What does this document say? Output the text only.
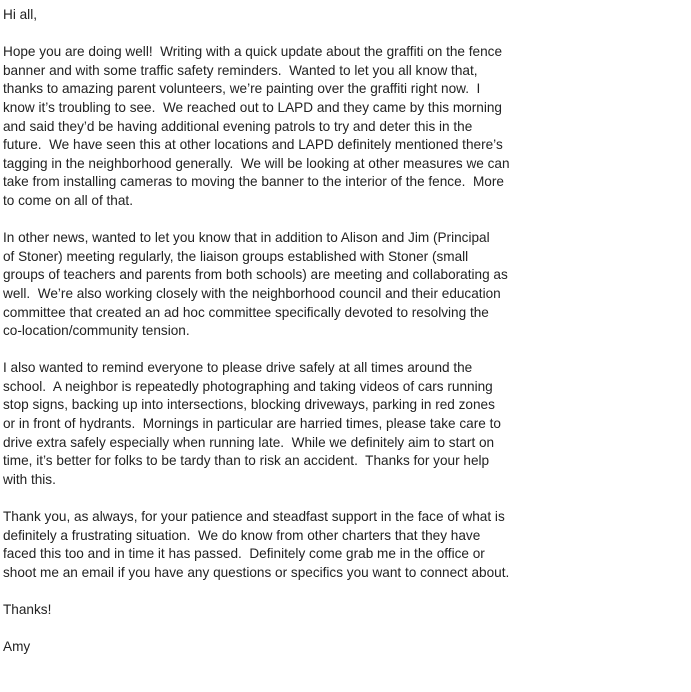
Hi all,
Hope you are doing well!  Writing with a quick update about the graffiti on the fence
banner and with some traffic safety reminders.  Wanted to let you all know that,
thanks to amazing parent volunteers, we’re painting over the graffiti right now.  I
know it’s troubling to see.  We reached out to LAPD and they came by this morning
and said they’d be having additional evening patrols to try and deter this in the
future.  We have seen this at other locations and LAPD definitely mentioned there’s
tagging in the neighborhood generally.  We will be looking at other measures we can
take from installing cameras to moving the banner to the interior of the fence.  More
to come on all of that.
In other news, wanted to let you know that in addition to Alison and Jim (Principal
of Stoner) meeting regularly, the liaison groups established with Stoner (small
groups of teachers and parents from both schools) are meeting and collaborating as
well.  We’re also working closely with the neighborhood council and their education
committee that created an ad hoc committee specifically devoted to resolving the
co-location/community tension.
I also wanted to remind everyone to please drive safely at all times around the
school.  A neighbor is repeatedly photographing and taking videos of cars running
stop signs, backing up into intersections, blocking driveways, parking in red zones
or in front of hydrants.  Mornings in particular are harried times, please take care to
drive extra safely especially when running late.  While we definitely aim to start on
time, it’s better for folks to be tardy than to risk an accident.  Thanks for your help
with this.
Thank you, as always, for your patience and steadfast support in the face of what is
definitely a frustrating situation.  We do know from other charters that they have
faced this too and in time it has passed.  Definitely come grab me in the office or
shoot me an email if you have any questions or specifics you want to connect about.
Thanks!
Amy
